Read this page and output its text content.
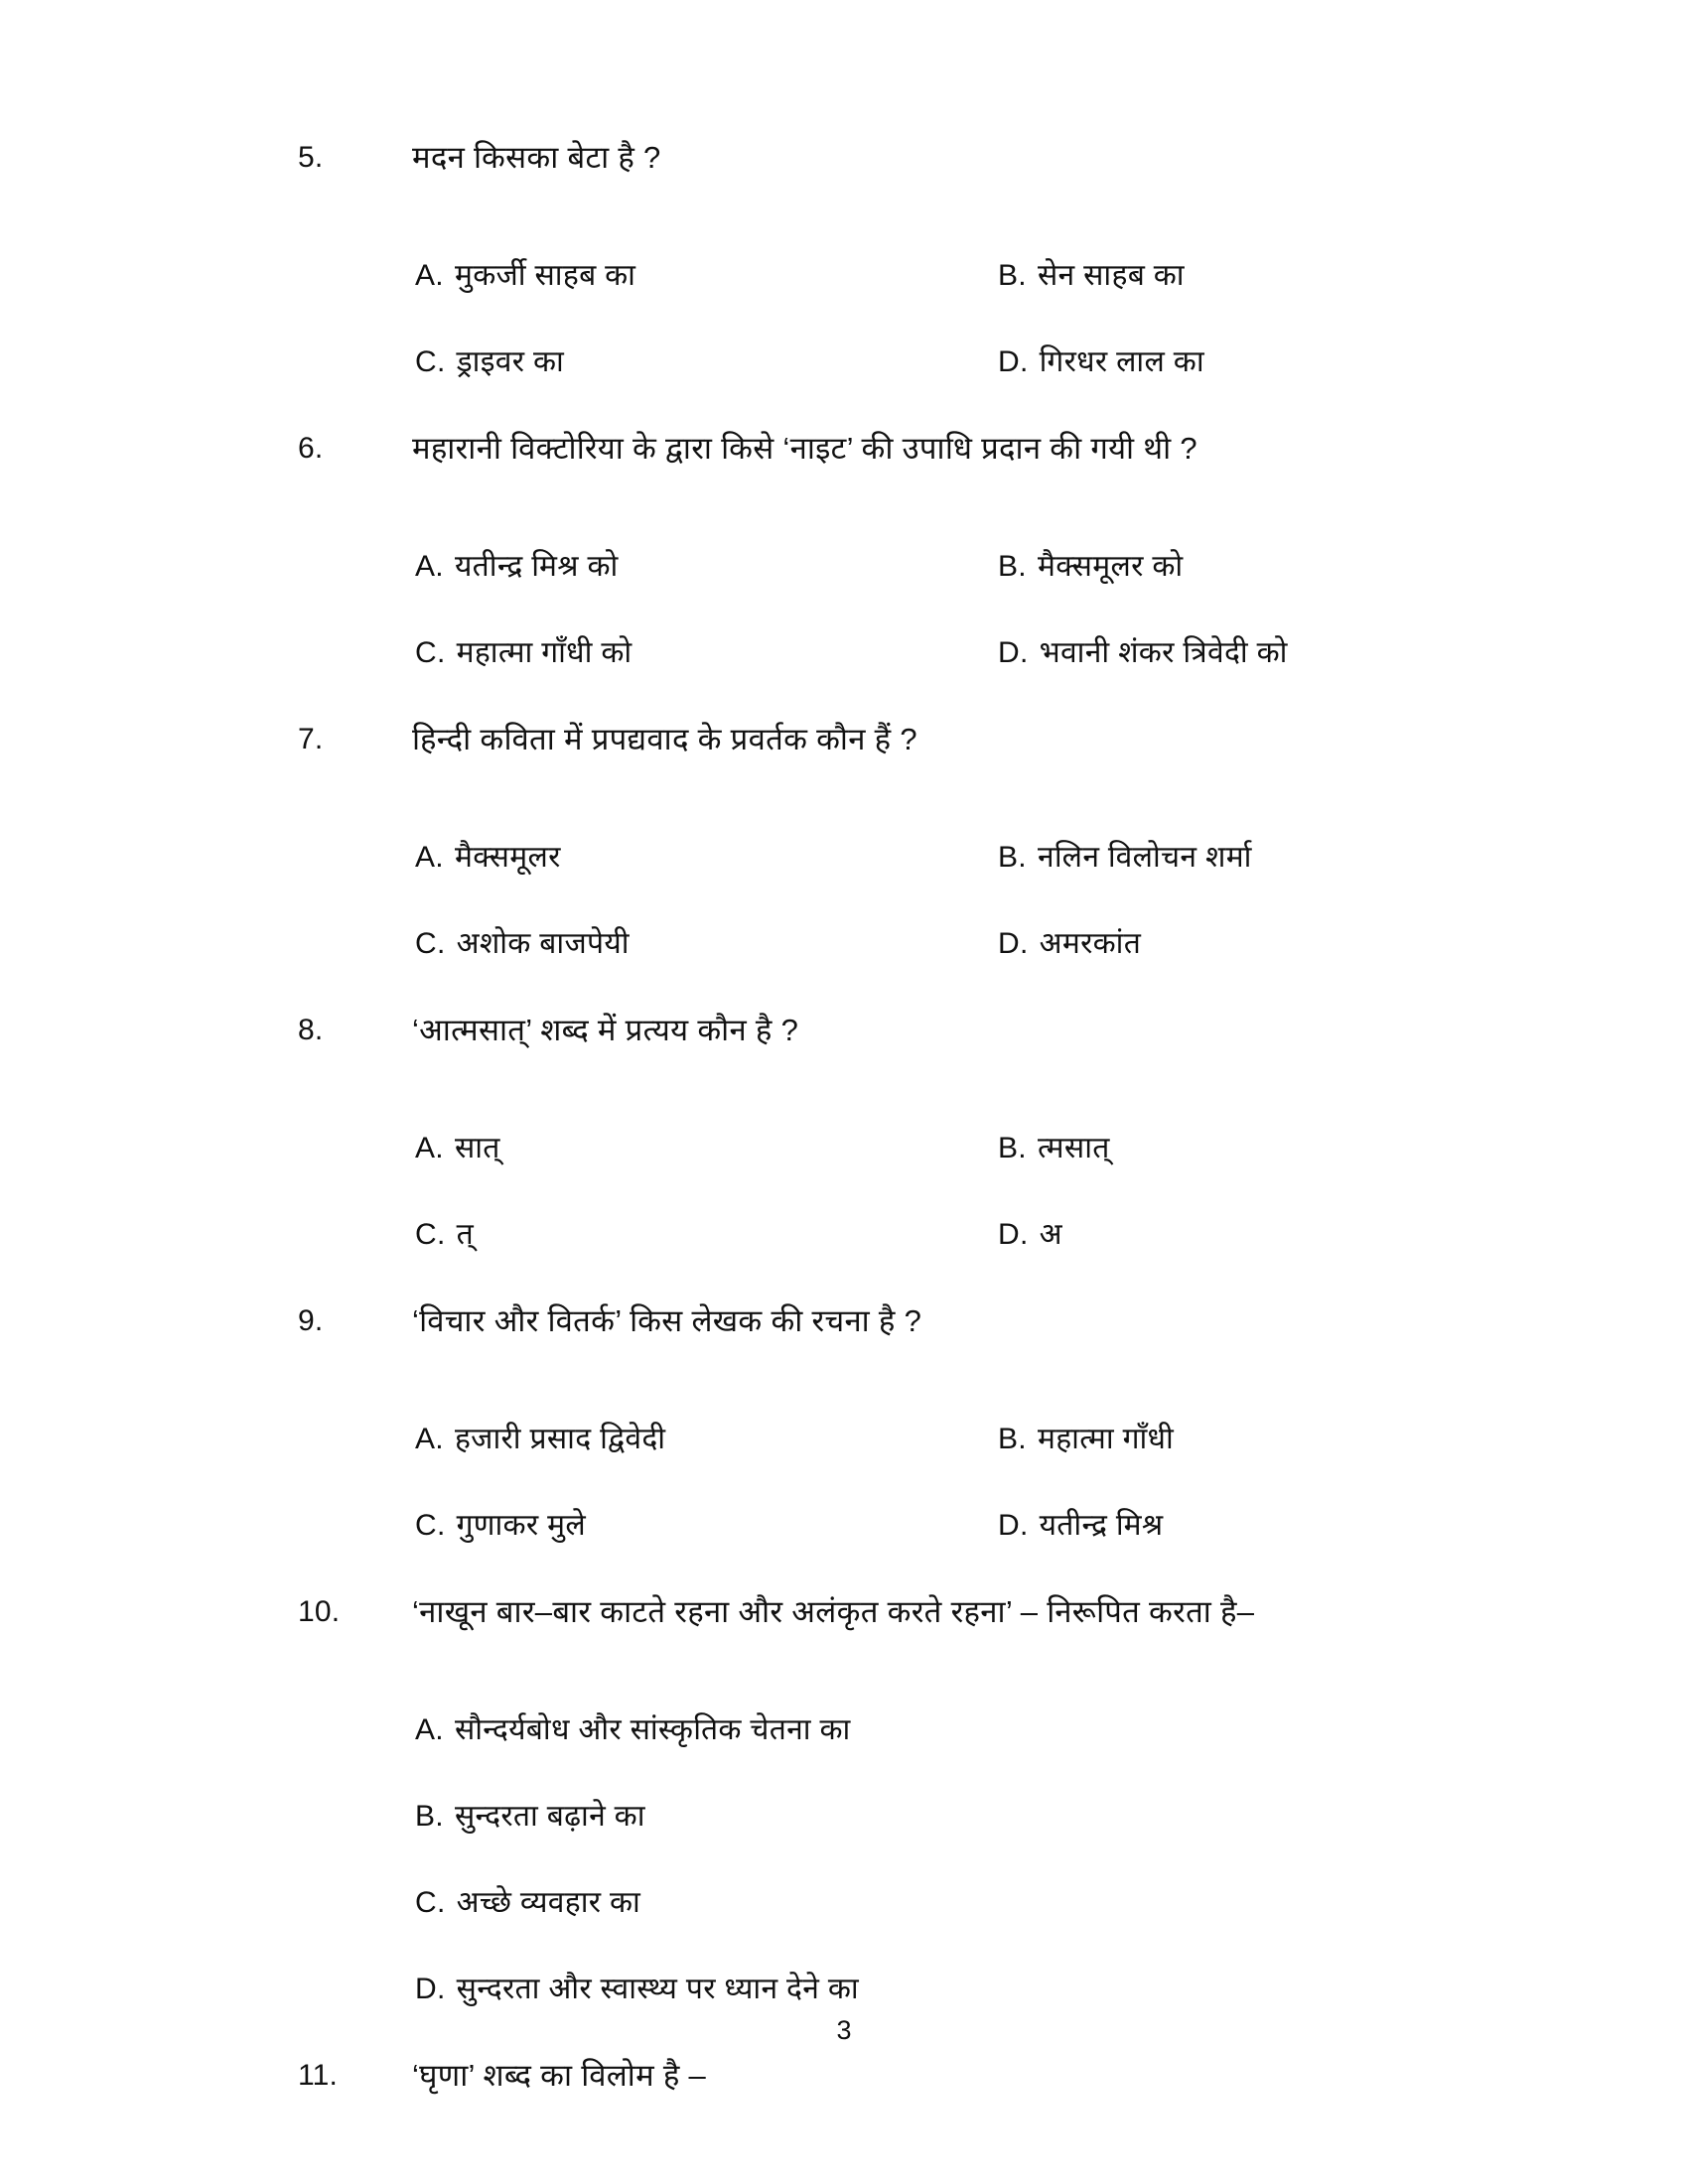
5.	मदन किसका बेटा है ?
A. मुकर्जी साहब का	B. सेन साहब का
C. ड्राइवर का	D. गिरधर लाल का
6.	महारानी विक्टोरिया के द्वारा किसे ‘नाइट’ की उपाधि प्रदान की गयी थी ?
A. यतीन्द्र मिश्र को	B. मैक्समूलर को
C. महात्मा गाँधी को	D. भवानी शंकर त्रिवेदी को
7.	हिन्दी कविता में प्रपद्यवाद के प्रवर्तक कौन हैं ?
A. मैक्समूलर	B. नलिन विलोचन शर्मा
C. अशोक बाजपेयी	D. अमरकांत
8.	‘आत्मसात्’ शब्द में प्रत्यय कौन है ?
A. सात्	B. त्मसात्
C. त्	D. अ
9.	‘विचार और वितर्क’ किस लेखक की रचना है ?
A. हजारी प्रसाद द्विवेदी	B. महात्मा गाँधी
C. गुणाकर मुले	D. यतीन्द्र मिश्र
10.	‘नाखून बार–बार काटते रहना और अलंकृत करते रहना’ – निरूपित करता है–
A. सौन्दर्यबोध और सांस्कृतिक चेतना का
B. सुन्दरता बढ़ाने का
C. अच्छे व्यवहार का
D. सुन्दरता और स्वास्थ्य पर ध्यान देने का
11.	‘घृणा’ शब्द का विलोम है –
3
